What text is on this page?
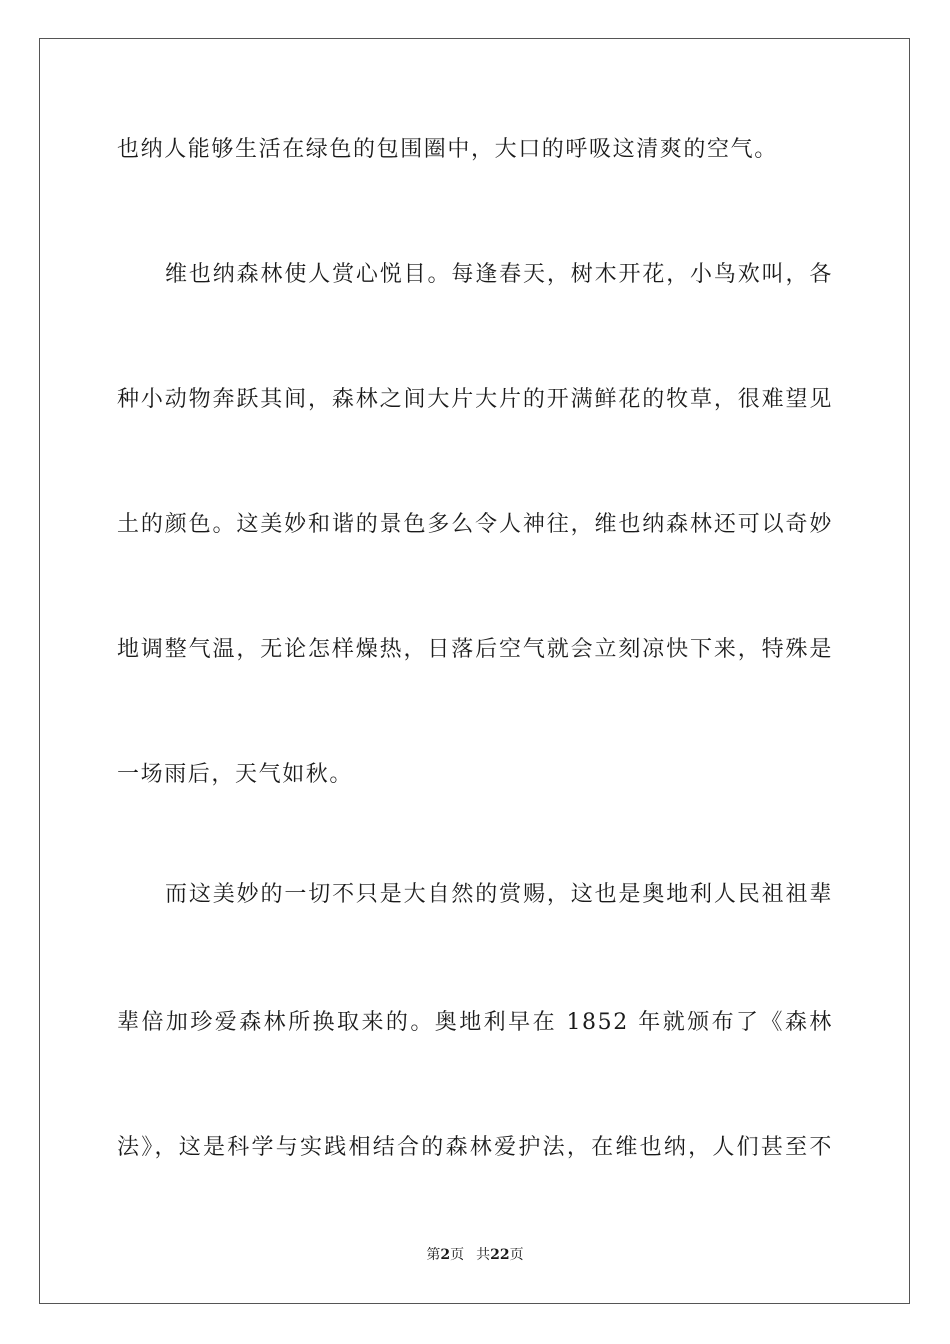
也纳人能够生活在绿色的包围圈中，大口的呼吸这清爽的空气。
维也纳森林使人赏心悦目。每逢春天，树木开花，小鸟欢叫，各
种小动物奔跃其间，森林之间大片大片的开满鲜花的牧草，很难望见
土的颜色。这美妙和谐的景色多么令人神往，维也纳森林还可以奇妙
地调整气温，无论怎样燥热，日落后空气就会立刻凉快下来，特殊是
一场雨后，天气如秋。
而这美妙的一切不只是大自然的赏赐，这也是奥地利人民祖祖辈
辈倍加珍爱森林所换取来的。奥地利早在 1852 年就颁布了《森林
法》，这是科学与实践相结合的森林爱护法，在维也纳，人们甚至不
第2页 共22页
